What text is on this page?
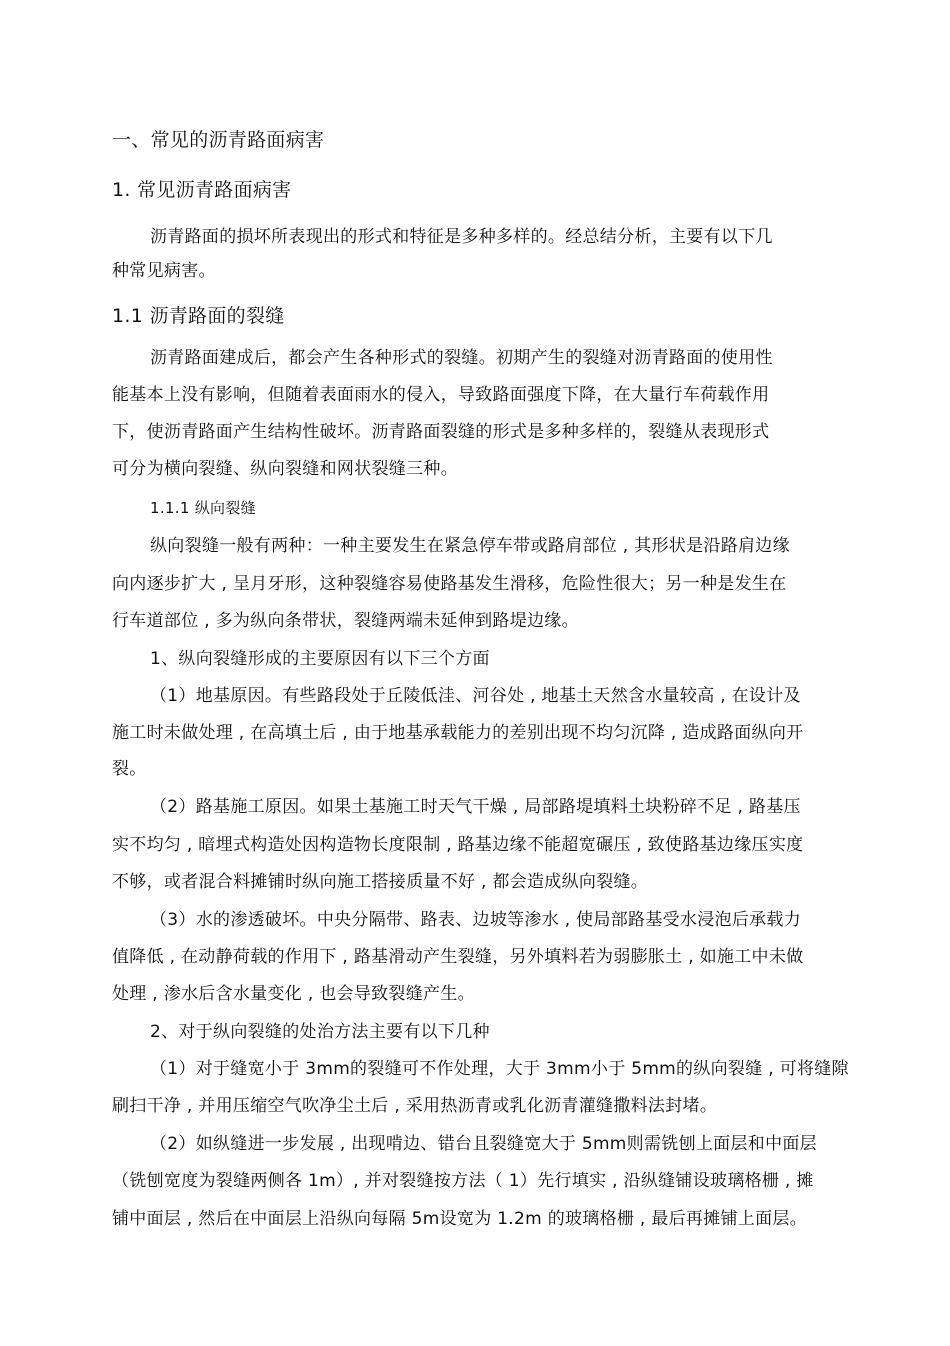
一、常见的沥青路面病害
1. 常见沥青路面病害
沥青路面的损坏所表现出的形式和特征是多种多样的。经总结分析，主要有以下几
种常见病害。
1.1 沥青路面的裂缝
沥青路面建成后，都会产生各种形式的裂缝。初期产生的裂缝对沥青路面的使用性
能基本上没有影响，但随着表面雨水的侵入，导致路面强度下降，在大量行车荷载作用
下，使沥青路面产生结构性破坏。沥青路面裂缝的形式是多种多样的，裂缝从表现形式
可分为横向裂缝、纵向裂缝和网状裂缝三种。
1.1.1 纵向裂缝
纵向裂缝一般有两种：一种主要发生在紧急停车带或路肩部位 , 其形状是沿路肩边缘
向内逐步扩大 , 呈月牙形，这种裂缝容易使路基发生滑移，危险性很大；另一种是发生在
行车道部位 , 多为纵向条带状，裂缝两端未延伸到路堤边缘。
1、纵向裂缝形成的主要原因有以下三个方面
（1）地基原因。有些路段处于丘陵低洼、河谷处 , 地基土天然含水量较高 , 在设计及
施工时未做处理 , 在高填土后 , 由于地基承载能力的差别出现不均匀沉降 , 造成路面纵向开
裂。
（2）路基施工原因。如果土基施工时天气干燥 , 局部路堤填料土块粉碎不足 , 路基压
实不均匀 , 暗埋式构造处因构造物长度限制 , 路基边缘不能超宽碾压 , 致使路基边缘压实度
不够，或者混合料摊铺时纵向施工搭接质量不好 , 都会造成纵向裂缝。
（3）水的渗透破坏。中央分隔带、路表、边坡等渗水 , 使局部路基受水浸泡后承载力
值降低 , 在动静荷载的作用下 , 路基滑动产生裂缝，另外填料若为弱膨胀土 , 如施工中未做
处理 , 渗水后含水量变化 , 也会导致裂缝产生。
2、对于纵向裂缝的处治方法主要有以下几种
（1）对于缝宽小于 3mm的裂缝可不作处理，大于 3mm小于 5mm的纵向裂缝 , 可将缝隙
刷扫干净 , 并用压缩空气吹净尘土后 , 采用热沥青或乳化沥青灌缝撒料法封堵。
（2）如纵缝进一步发展 , 出现啃边、错台且裂缝宽大于 5mm则需铣刨上面层和中面层
（铣刨宽度为裂缝两侧各 1m）, 并对裂缝按方法（ 1）先行填实 , 沿纵缝铺设玻璃格栅 , 摊
铺中面层 , 然后在中面层上沿纵向每隔 5m设宽为 1.2m 的玻璃格栅 , 最后再摊铺上面层。
